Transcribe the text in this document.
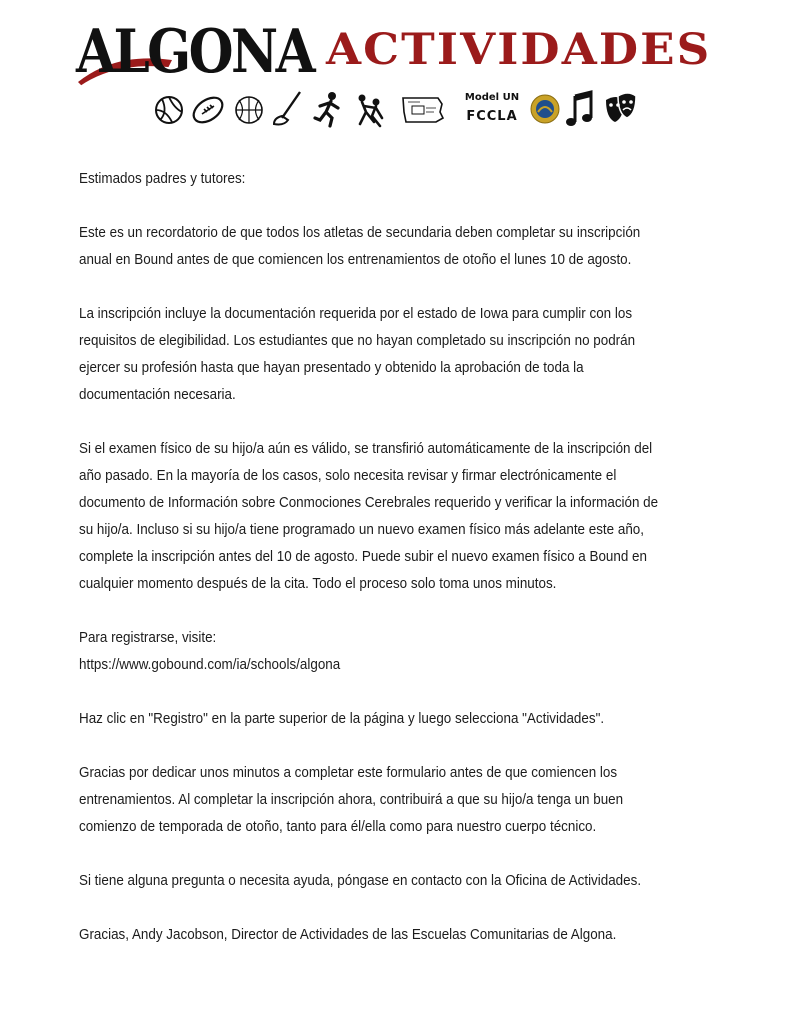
ALGONA ACTIVIDADES
Model UN
FCCLA

Estimados padres y tutores:

Este es un recordatorio de que todos los atletas de secundaria deben completar su inscripción anual en Bound antes de que comiencen los entrenamientos de otoño el lunes 10 de agosto.

La inscripción incluye la documentación requerida por el estado de Iowa para cumplir con los requisitos de elegibilidad. Los estudiantes que no hayan completado su inscripción no podrán ejercer su profesión hasta que hayan presentado y obtenido la aprobación de toda la documentación necesaria.

Si el examen físico de su hijo/a aún es válido, se transfirió automáticamente de la inscripción del año pasado. En la mayoría de los casos, solo necesita revisar y firmar electrónicamente el documento de Información sobre Conmociones Cerebrales requerido y verificar la información de su hijo/a. Incluso si su hijo/a tiene programado un nuevo examen físico más adelante este año, complete la inscripción antes del 10 de agosto. Puede subir el nuevo examen físico a Bound en cualquier momento después de la cita. Todo el proceso solo toma unos minutos.

Para registrarse, visite:

https://www.gobound.com/ia/schools/algona

Haz clic en "Registro" en la parte superior de la página y luego selecciona "Actividades".

Gracias por dedicar unos minutos a completar este formulario antes de que comiencen los entrenamientos. Al completar la inscripción ahora, contribuirá a que su hijo/a tenga un buen comienzo de temporada de otoño, tanto para él/ella como para nuestro cuerpo técnico.

Si tiene alguna pregunta o necesita ayuda, póngase en contacto con la Oficina de Actividades.

Gracias, Andy Jacobson, Director de Actividades de las Escuelas Comunitarias de Algona.
